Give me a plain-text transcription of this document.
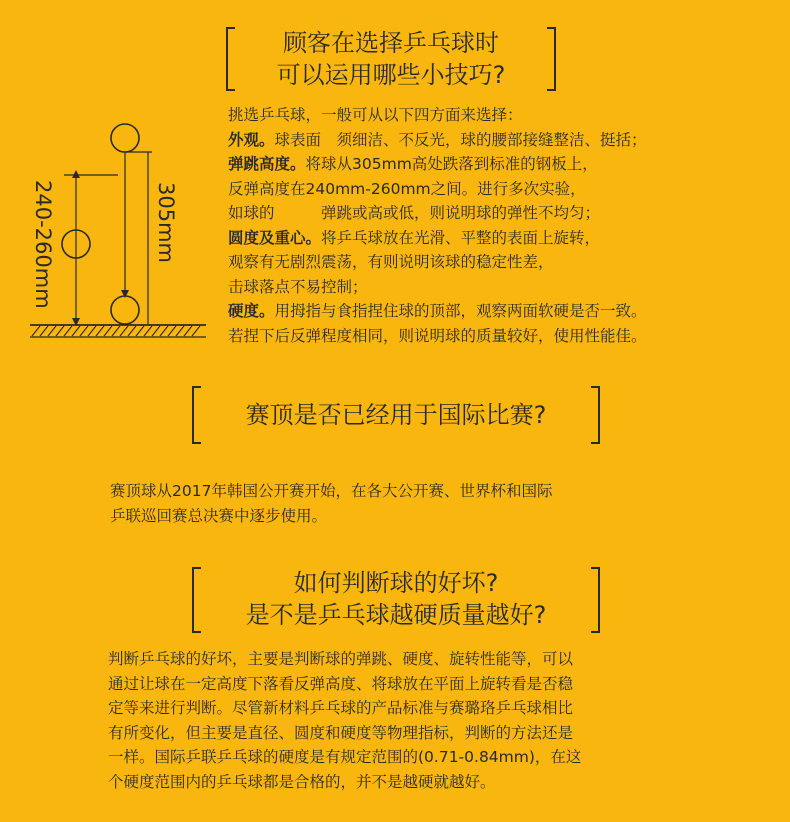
顾客在选择乒乓球时
可以运用哪些小技巧?
240-260mm	305mm
挑选乒乓球，一般可从以下四方面来选择：
外观。球表面　须细洁、不反光，球的腰部接缝整洁、挺括；
弹跳高度。将球从305mm高处跌落到标准的钢板上，
反弹高度在240mm-260mm之间。进行多次实验，
如球的　　　弹跳或高或低，则说明球的弹性不均匀；
圆度及重心。将乒乓球放在光滑、平整的表面上旋转，
观察有无剧烈震荡，有则说明该球的稳定性差，
击球落点不易控制；
硬度。用拇指与食指捏住球的顶部，观察两面软硬是否一致。
若捏下后反弹程度相同，则说明球的质量较好，使用性能佳。
赛顶是否已经用于国际比赛?
赛顶球从2017年韩国公开赛开始，在各大公开赛、世界杯和国际
乒联巡回赛总决赛中逐步使用。
如何判断球的好坏?
是不是乒乓球越硬质量越好?
判断乒乓球的好坏，主要是判断球的弹跳、硬度、旋转性能等，可以
通过让球在一定高度下落看反弹高度、将球放在平面上旋转看是否稳
定等来进行判断。尽管新材料乒乓球的产品标准与赛璐珞乒乓球相比
有所变化，但主要是直径、圆度和硬度等物理指标，判断的方法还是
一样。国际乒联乒乓球的硬度是有规定范围的(0.71-0.84mm)，在这
个硬度范围内的乒乓球都是合格的，并不是越硬就越好。
